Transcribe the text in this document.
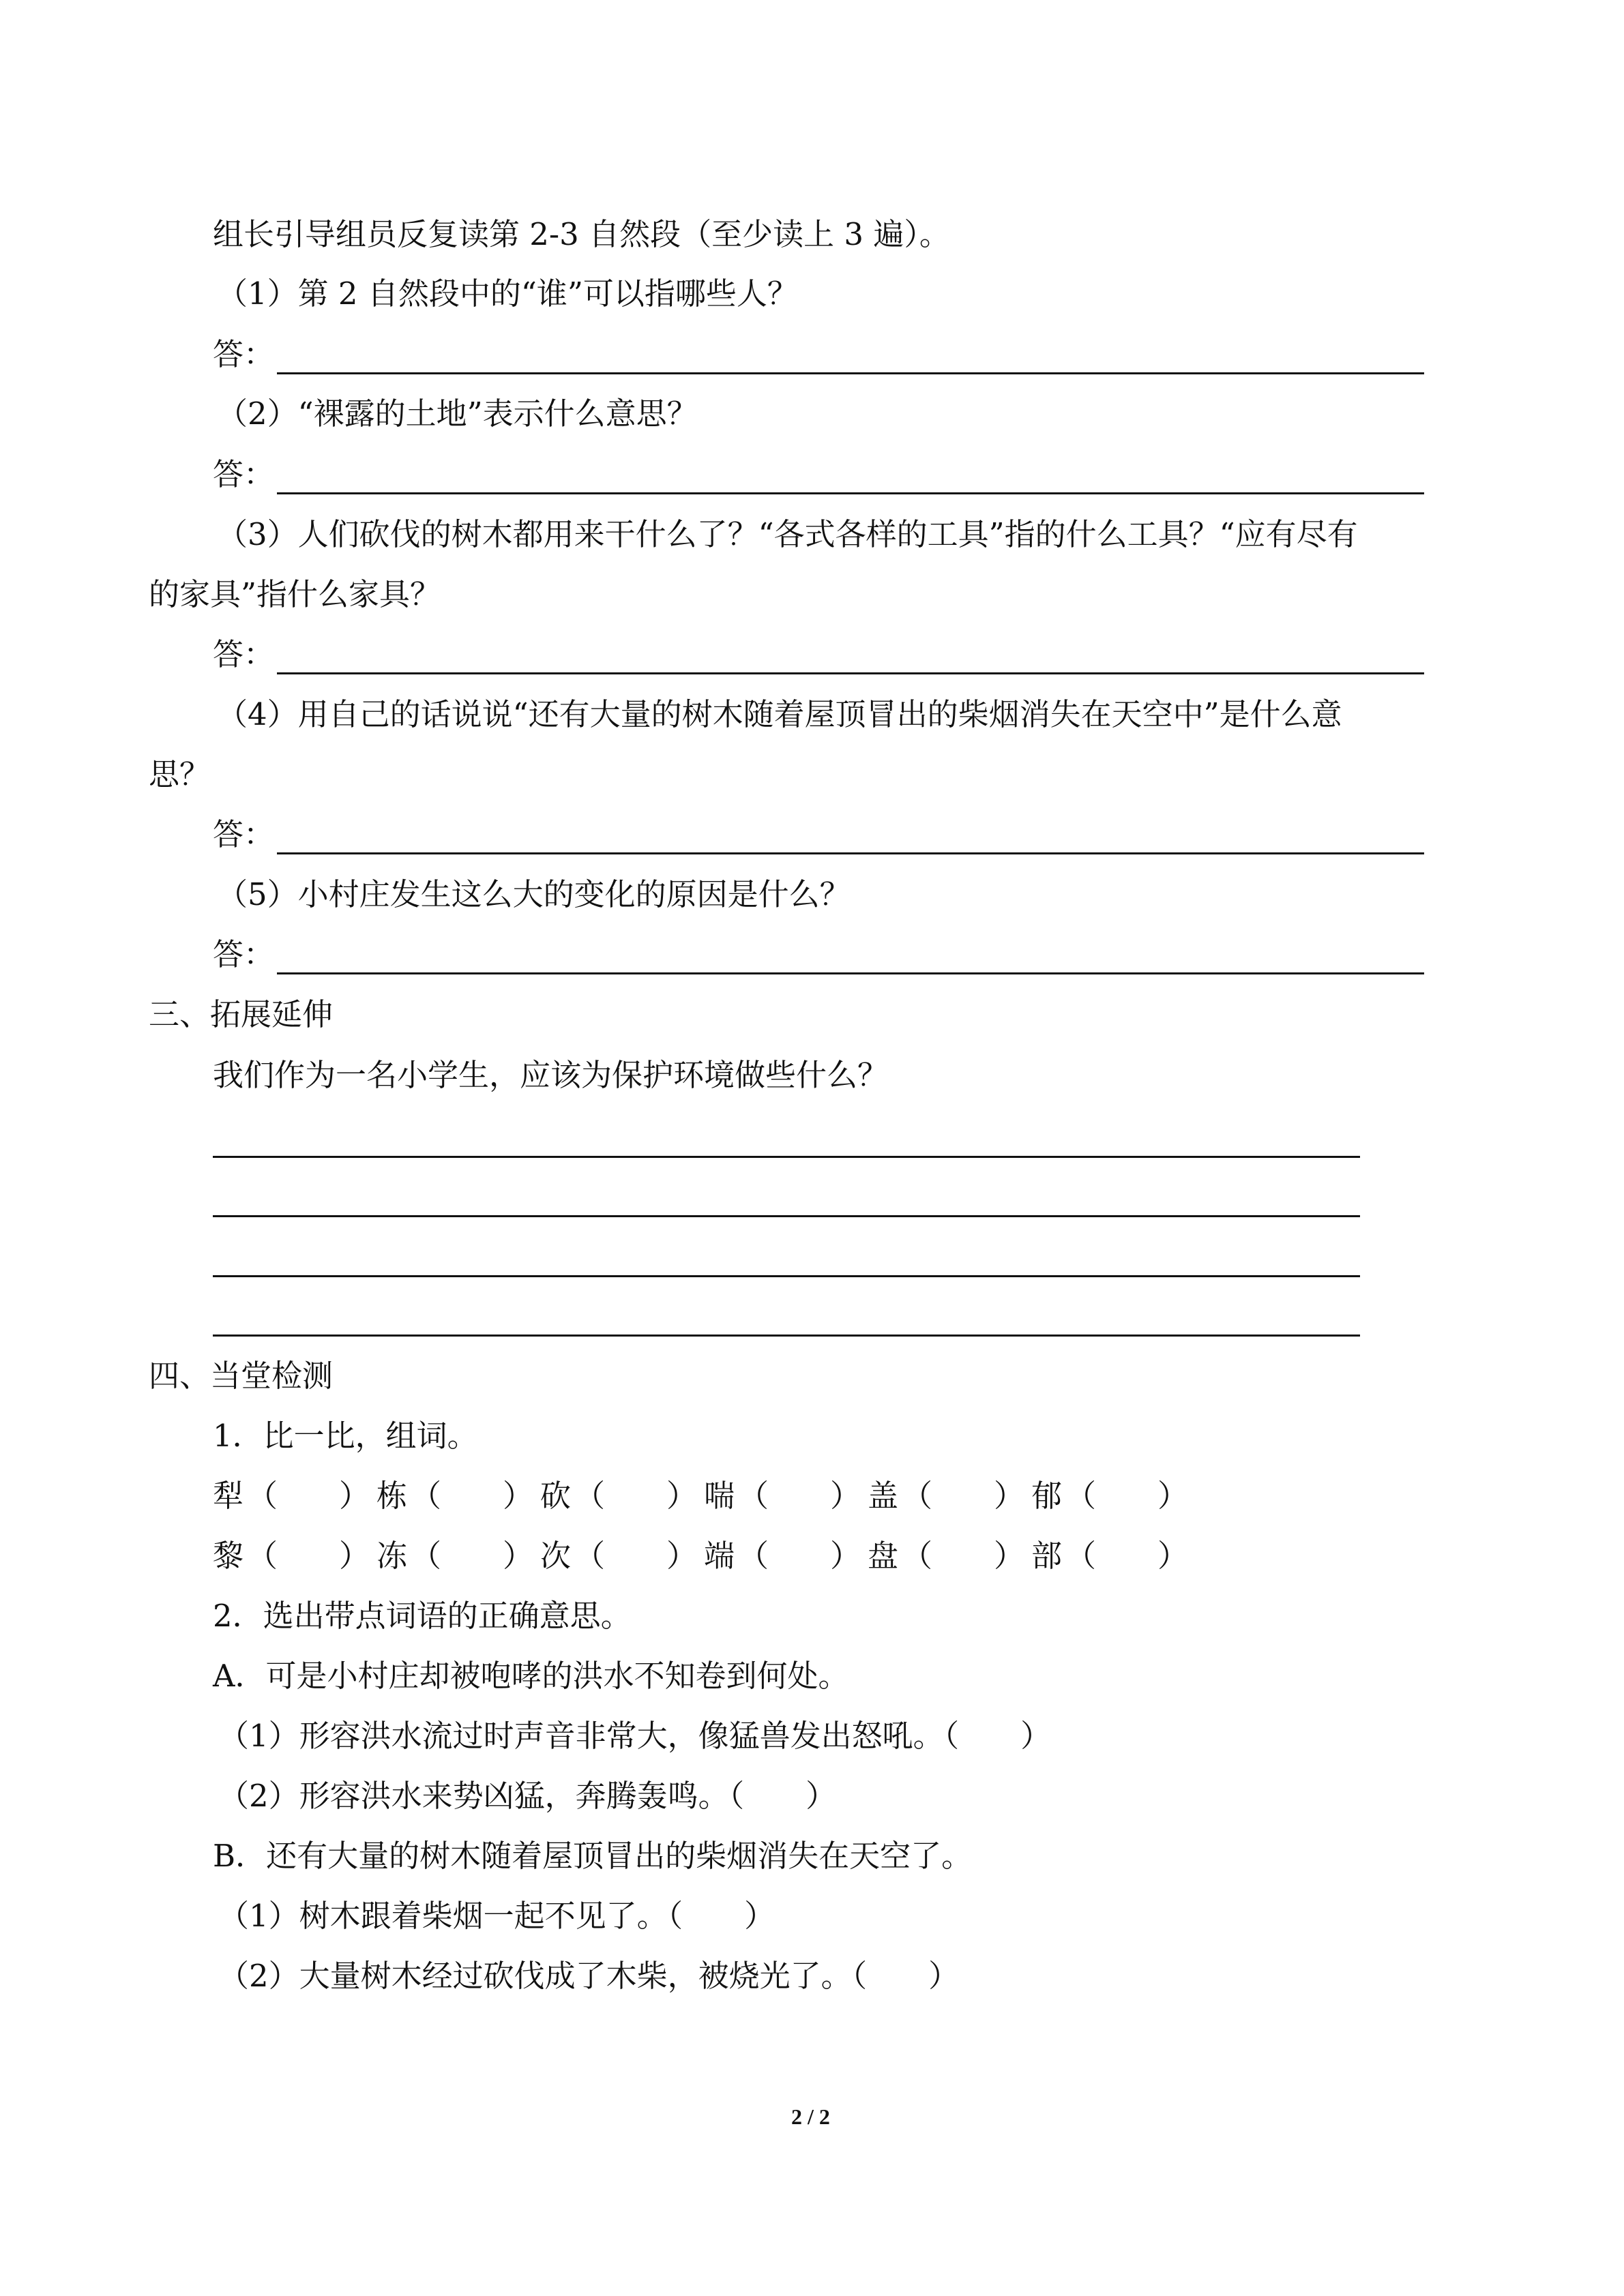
组长引导组员反复读第 2-3 自然段（至少读上 3 遍）。
（1）第 2 自然段中的“谁”可以指哪些人？
答：
（2）“裸露的土地”表示什么意思？
答：
（3）人们砍伐的树木都用来干什么了？“各式各样的工具”指的什么工具？“应有尽有
的家具”指什么家具？
答：
（4）用自己的话说说“还有大量的树木随着屋顶冒出的柴烟消失在天空中”是什么意
思？
答：
（5）小村庄发生这么大的变化的原因是什么？
答：
三、拓展延伸
我们作为一名小学生，应该为保护环境做些什么？
四、当堂检测
1．比一比，组词。
犁 （　　） 栋 （　　） 砍 （　　） 喘 （　　） 盖 （　　） 郁 （　　）
黎 （　　） 冻 （　　） 次 （　　） 端 （　　） 盘 （　　） 部 （　　）
2．选出带点词语的正确意思。
A．可是小村庄却被咆哮的洪水不知卷到何处。
（1）形容洪水流过时声音非常大，像猛兽发出怒吼。（　　）
（2）形容洪水来势凶猛，奔腾轰鸣。（　　）
B．还有大量的树木随着屋顶冒出的柴烟消失在天空了。
（1）树木跟着柴烟一起不见了。（　　）
（2）大量树木经过砍伐成了木柴，被烧光了。（　　）
2 / 2
